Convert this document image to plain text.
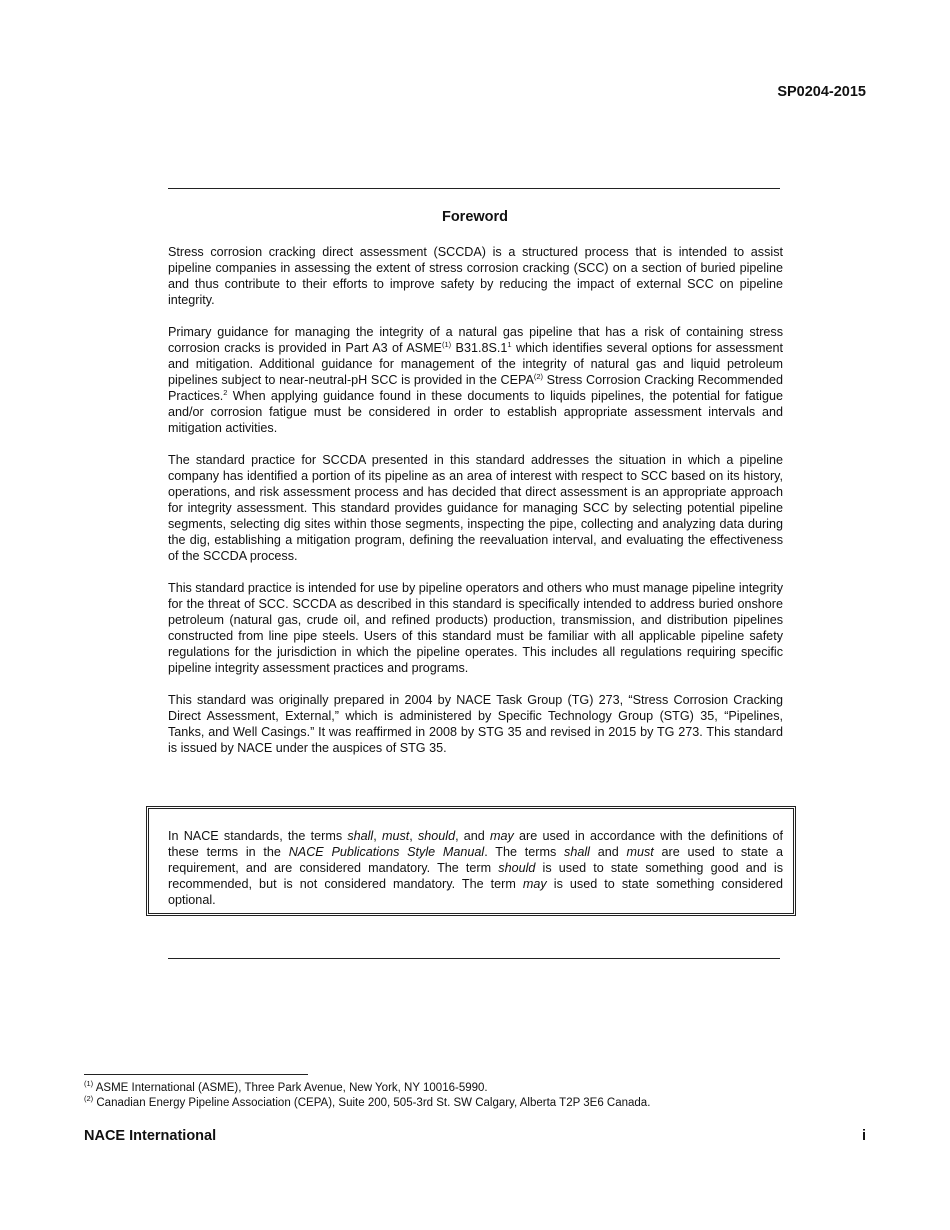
SP0204-2015
Foreword

Stress corrosion cracking direct assessment (SCCDA) is a structured process that is intended to assist pipeline companies in assessing the extent of stress corrosion cracking (SCC) on a section of buried pipeline and thus contribute to their efforts to improve safety by reducing the impact of external SCC on pipeline integrity.

Primary guidance for managing the integrity of a natural gas pipeline that has a risk of containing stress corrosion cracks is provided in Part A3 of ASME$^{(1)}$ $B31.8S.1^1$ which identifies several options for assessment and mitigation. Additional guidance for management of the integrity of natural gas and liquid petroleum pipelines subject to near-neutral-pH SCC is provided in the CEPA$^{(2)}$ Stress Corrosion Cracking Recommended Practices.$^2$ When applying guidance found in these documents to liquids pipelines, the potential for fatigue and/or corrosion fatigue must be considered in order to establish appropriate assessment intervals and mitigation activities.

The standard practice for SCCDA presented in this standard addresses the situation in which a pipeline company has identified a portion of its pipeline as an area of interest with respect to SCC based on its history, operations, and risk assessment process and has decided that direct assessment is an appropriate approach for integrity assessment. This standard provides guidance for managing SCC by selecting potential pipeline segments, selecting dig sites within those segments, inspecting the pipe, collecting and analyzing data during the dig, establishing a mitigation program, defining the reevaluation interval, and evaluating the effectiveness of the SCCDA process.

This standard practice is intended for use by pipeline operators and others who must manage pipeline integrity for the threat of SCC. SCCDA as described in this standard is specifically intended to address buried onshore petroleum (natural gas, crude oil, and refined products) production, transmission, and distribution pipelines constructed from line pipe steels. Users of this standard must be familiar with all applicable pipeline safety regulations for the jurisdiction in which the pipeline operates. This includes all regulations requiring specific pipeline integrity assessment practices and programs.

This standard was originally prepared in 2004 by NACE Task Group (TG) 273, “Stress Corrosion Cracking Direct Assessment, External,” which is administered by Specific Technology Group (STG) 35, “Pipelines, Tanks, and Well Casings.” It was reaffirmed in 2008 by STG 35 and revised in 2015 by TG 273. This standard is issued by NACE under the auspices of STG 35.

In NACE standards, the terms shall, must, should, and may are used in accordance with the definitions of these terms in the NACE Publications Style Manual. The terms shall and must are used to state a requirement, and are considered mandatory. The term should is used to state something good and is recommended, but is not considered mandatory. The term may is used to state something considered optional.

$^{(1)}$ ASME International (ASME), Three Park Avenue, New York, NY 10016-5990.
$^{(2)}$ Canadian Energy Pipeline Association (CEPA), Suite 200, 505-3rd St. SW Calgary, Alberta T2P 3E6 Canada.
NACE International	i
